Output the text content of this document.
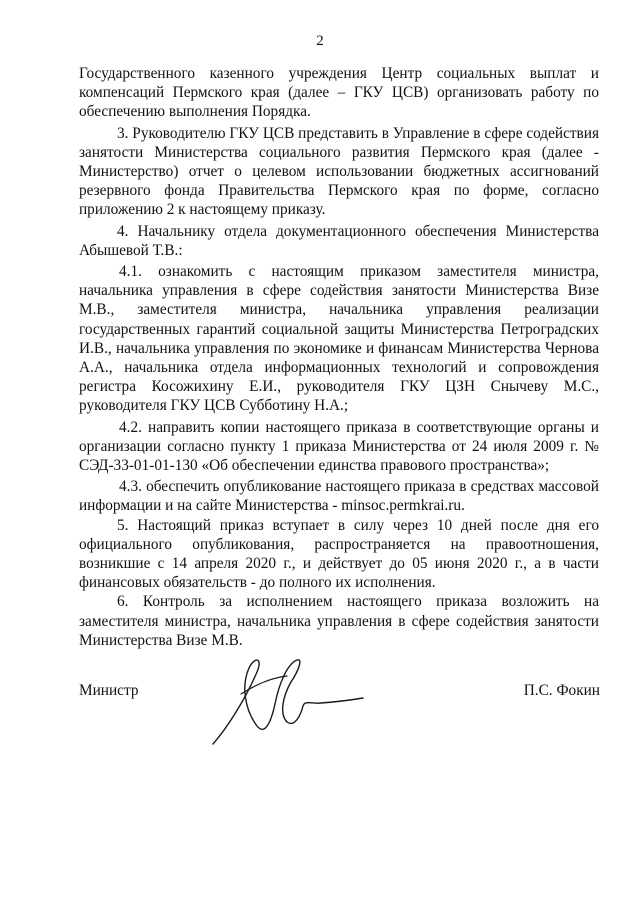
2

Государственного казенного учреждения Центр социальных выплат и компенсаций Пермского края (далее – ГКУ ЦСВ) организовать работу по обеспечению выполнения Порядка.

3. Руководителю ГКУ ЦСВ представить в Управление в сфере содействия занятости Министерства социального развития Пермского края (далее - Министерство) отчет о целевом использовании бюджетных ассигнований резервного фонда Правительства Пермского края по форме, согласно приложению 2 к настоящему приказу.

4. Начальнику отдела документационного обеспечения Министерства Абышевой Т.В.:

4.1. ознакомить с настоящим приказом заместителя министра, начальника управления в сфере содействия занятости Министерства Визе М.В., заместителя министра, начальника управления реализации государственных гарантий социальной защиты Министерства Петроградских И.В., начальника управления по экономике и финансам Министерства Чернова А.А., начальника отдела информационных технологий и сопровождения регистра Косожихину Е.И., руководителя ГКУ ЦЗН Снычеву М.С., руководителя ГКУ ЦСВ Субботину Н.А.;

4.2. направить копии настоящего приказа в соответствующие органы и организации согласно пункту 1 приказа Министерства от 24 июля 2009 г. № СЭД-33-01-01-130 «Об обеспечении единства правового пространства»;

4.3. обеспечить опубликование настоящего приказа в средствах массовой информации и на сайте Министерства - minsoc.permkrai.ru.

5. Настоящий приказ вступает в силу через 10 дней после дня его официального опубликования, распространяется на правоотношения, возникшие с 14 апреля 2020 г., и действует до 05 июня 2020 г., а в части финансовых обязательств - до полного их исполнения.

6. Контроль за исполнением настоящего приказа возложить на заместителя министра, начальника управления в сфере содействия занятости Министерства Визе М.В.

Министр	П.С. Фокин
